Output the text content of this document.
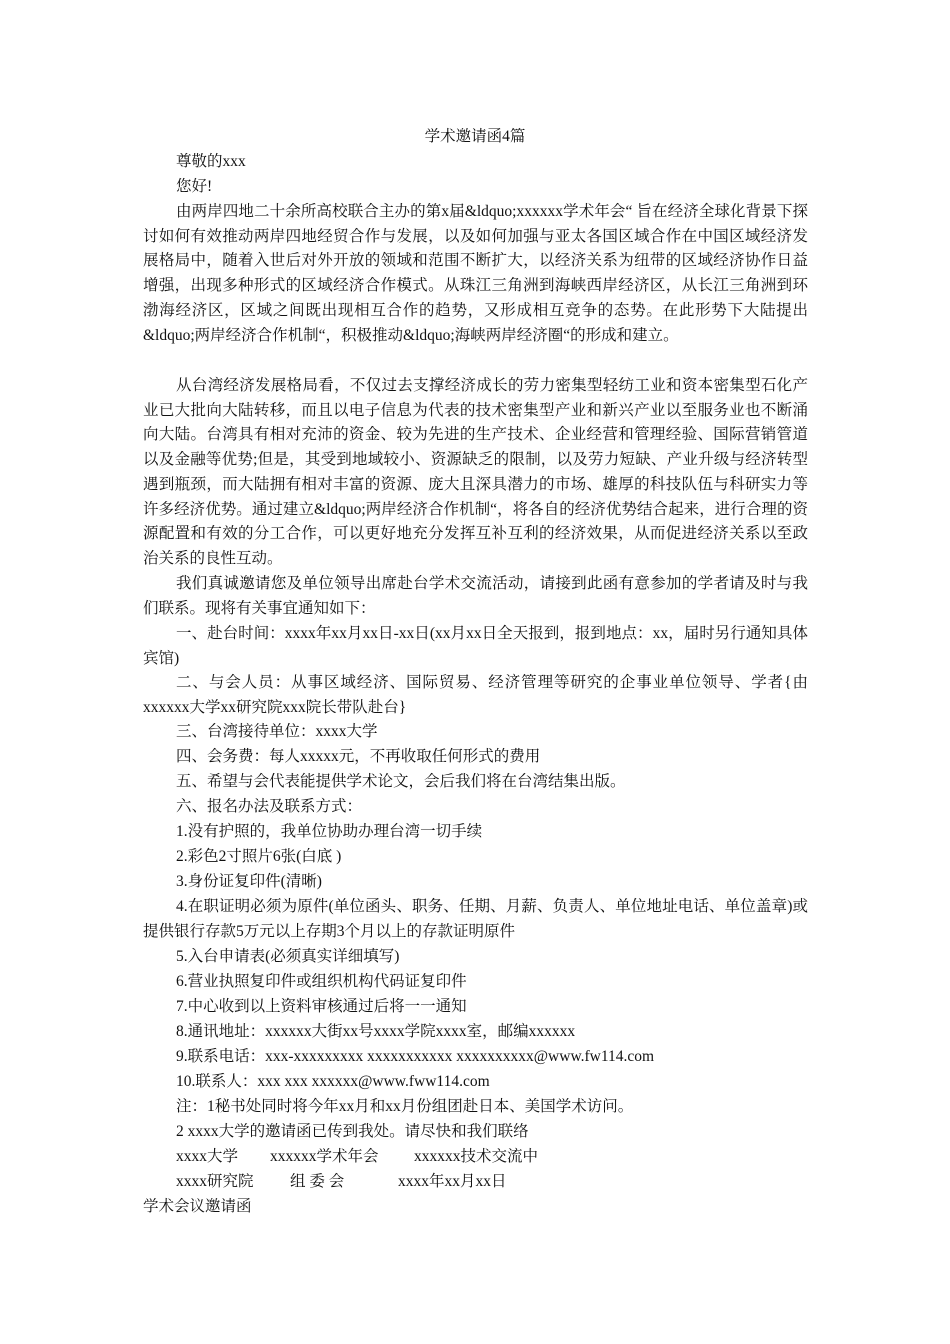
学术邀请函4篇
尊敬的xxx
您好!
由两岸四地二十余所高校联合主办的第x届&ldquo;xxxxxx学术年会“ 旨在经济全球化背景下探讨如何有效推动两岸四地经贸合作与发展，以及如何加强与亚太各国区域合作在中国区域经济发展格局中，随着入世后对外开放的领域和范围不断扩大，以经济关系为纽带的区域经济协作日益增强，出现多种形式的区域经济合作模式。从珠江三角洲到海峡西岸经济区，从长江三角洲到环渤海经济区，区域之间既出现相互合作的趋势，又形成相互竞争的态势。在此形势下大陆提出&ldquo;两岸经济合作机制“，积极推动&ldquo;海峡两岸经济圈“的形成和建立。
从台湾经济发展格局看，不仅过去支撑经济成长的劳力密集型轻纺工业和资本密集型石化产业已大批向大陆转移，而且以电子信息为代表的技术密集型产业和新兴产业以至服务业也不断涌向大陆。台湾具有相对充沛的资金、较为先进的生产技术、企业经营和管理经验、国际营销管道以及金融等优势;但是，其受到地域较小、资源缺乏的限制，以及劳力短缺、产业升级与经济转型遇到瓶颈，而大陆拥有相对丰富的资源、庞大且深具潜力的市场、雄厚的科技队伍与科研实力等许多经济优势。通过建立&ldquo;两岸经济合作机制“，将各自的经济优势结合起来，进行合理的资源配置和有效的分工合作，可以更好地充分发挥互补互利的经济效果，从而促进经济关系以至政治关系的良性互动。
我们真诚邀请您及单位领导出席赴台学术交流活动，请接到此函有意参加的学者请及时与我们联系。现将有关事宜通知如下：
一、赴台时间：xxxx年xx月xx日-xx日(xx月xx日全天报到，报到地点：xx，届时另行通知具体宾馆)
二、与会人员：从事区域经济、国际贸易、经济管理等研究的企事业单位领导、学者{由xxxxxx大学xx研究院xxx院长带队赴台}
三、台湾接待单位：xxxx大学
四、会务费：每人xxxxx元，不再收取任何形式的费用
五、希望与会代表能提供学术论文，会后我们将在台湾结集出版。
六、报名办法及联系方式：
1.没有护照的，我单位协助办理台湾一切手续
2.彩色2寸照片6张(白底 )
3.身份证复印件(清晰)
4.在职证明必须为原件(单位函头、职务、任期、月薪、负责人、单位地址电话、单位盖章)或提供银行存款5万元以上存期3个月以上的存款证明原件
5.入台申请表(必须真实详细填写)
6.营业执照复印件或组织机构代码证复印件
7.中心收到以上资料审核通过后将一一通知
8.通讯地址：xxxxxx大街xx号xxxx学院xxxx室，邮编xxxxxx
9.联系电话：xxx-xxxxxxxxx xxxxxxxxxxx xxxxxxxxxx@www.fw114.com
10.联系人：xxx xxx xxxxxx@www.fww114.com
注：1秘书处同时将今年xx月和xx月份组团赴日本、美国学术访问。
2 xxxx大学的邀请函已传到我处。请尽快和我们联络
xxxx大学 xxxxxx学术年会 xxxxxx技术交流中
xxxx研究院 组 委 会	xxxx年xx月xx日
学术会议邀请函
